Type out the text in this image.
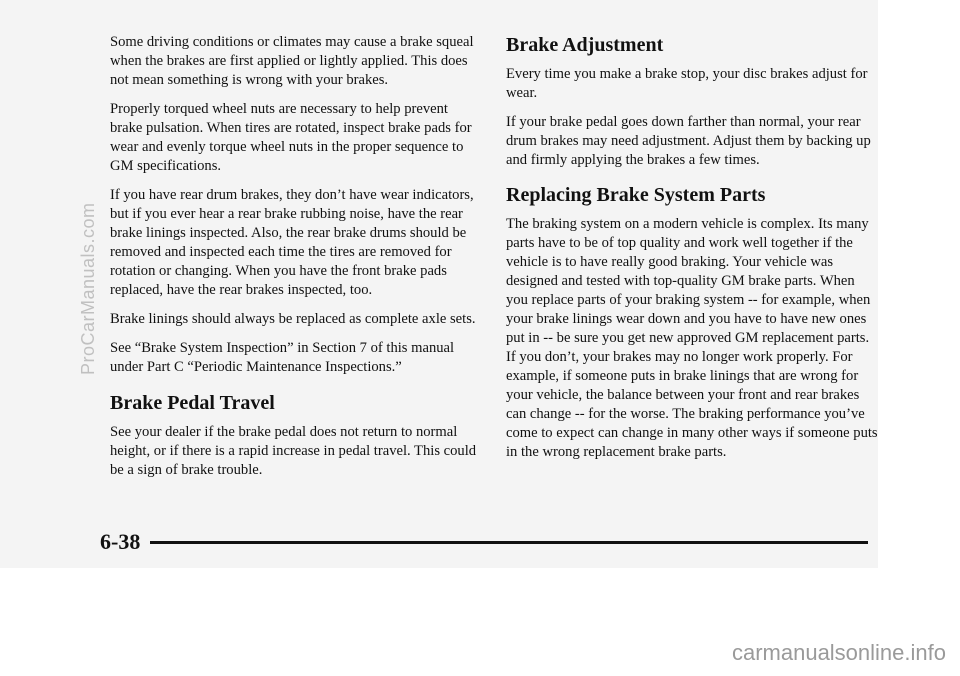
Some driving conditions or climates may cause a brake squeal when the brakes are first applied or lightly applied. This does not mean something is wrong with your brakes.

Properly torqued wheel nuts are necessary to help prevent brake pulsation. When tires are rotated, inspect brake pads for wear and evenly torque wheel nuts in the proper sequence to GM specifications.

If you have rear drum brakes, they don’t have wear indicators, but if you ever hear a rear brake rubbing noise, have the rear brake linings inspected. Also, the rear brake drums should be removed and inspected each time the tires are removed for rotation or changing. When you have the front brake pads replaced, have the rear brakes inspected, too.

Brake linings should always be replaced as complete axle sets.

See “Brake System Inspection” in Section 7 of this manual under Part C “Periodic Maintenance Inspections.”

Brake Pedal Travel

See your dealer if the brake pedal does not return to normal height, or if there is a rapid increase in pedal travel. This could be a sign of brake trouble.

Brake Adjustment

Every time you make a brake stop, your disc brakes adjust for wear.

If your brake pedal goes down farther than normal, your rear drum brakes may need adjustment. Adjust them by backing up and firmly applying the brakes a few times.

Replacing Brake System Parts

The braking system on a modern vehicle is complex. Its many parts have to be of top quality and work well together if the vehicle is to have really good braking. Your vehicle was designed and tested with top-quality GM brake parts. When you replace parts of your braking system -- for example, when your brake linings wear down and you have to have new ones put in -- be sure you get new approved GM replacement parts. If you don’t, your brakes may no longer work properly. For example, if someone puts in brake linings that are wrong for your vehicle, the balance between your front and rear brakes can change -- for the worse. The braking performance you’ve come to expect can change in many other ways if someone puts in the wrong replacement brake parts.

6-38
ProCarManuals.com
carmanualsonline.info
